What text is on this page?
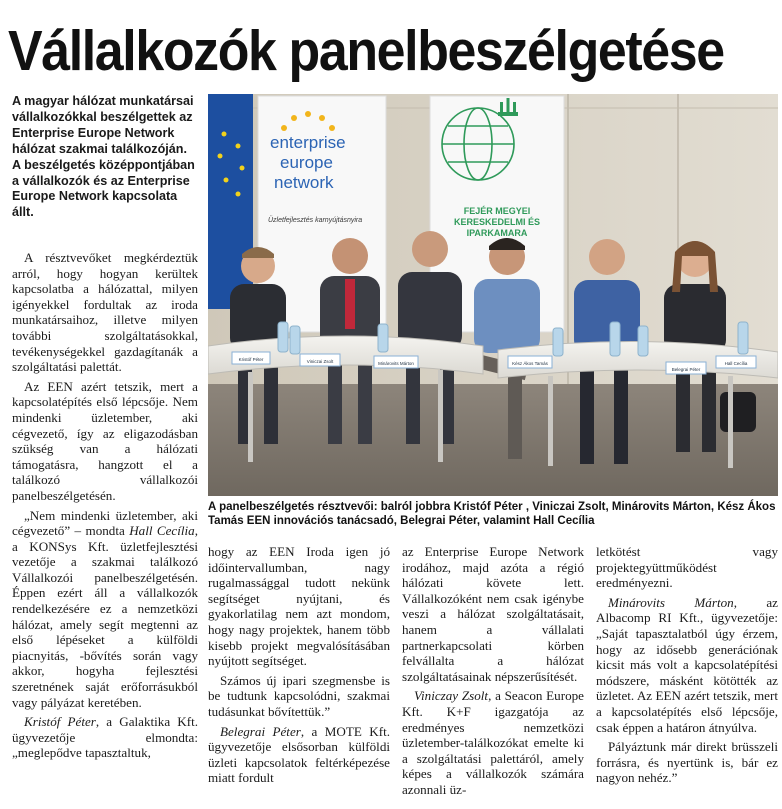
Vállalkozók panelbeszélgetése
A magyar hálózat munkatársai vállalkozókkal beszélgettek az Enterprise Europe Network hálózat szakmai találkozóján. A beszélgetés középpontjában a vállalkozók és az Enterprise Europe Network kapcsolata állt.
enterprise
europe
network
Üzletfejlesztés karnyújtásnyira
FEJÉR MEGYEI
KERESKEDELMI ÉS
IPARKAMARA
Kristóf Péter	Viniczai Zsolt	Minárovits Márton	Kész Ákos Tamás
Belegrai Péter
Hall Cecília
A panelbeszélgetés résztvevői: balról jobbra Kristóf Péter , Viniczai Zsolt, Minárovits Márton, Kész Ákos Tamás EEN innovációs tanácsadó, Belegrai Péter, valamint Hall Cecília

A résztvevőket megkérdeztük arról, hogy hogyan kerültek kapcsolatba a hálózattal, milyen igényekkel fordultak az iroda munkatársaihoz, illetve milyen további szolgáltatásokkal, tevékenységekkel gazdagítanák a szolgáltatási palettát.

Az EEN azért tetszik, mert a kapcsolatépítés első lépcsője. Nem mindenki üzletember, aki cégvezető, így az eligazodásban szükség van a hálózati támogatásra, hangzott el a találkozó vállalkozói panelbeszélgetésén.

„Nem mindenki üzletember, aki cégvezető” – mondta Hall Cecília, a KONSys Kft. üzletfejlesztési vezetője a szakmai találkozó Vállalkozói panelbeszélgetésén. Éppen ezért áll a vállalkozók rendelkezésére ez a nemzetközi hálózat, amely segít megtenni az első lépéseket a külföldi piacnyitás, -bővítés során vagy akkor, hogyha fejlesztési szeretnének saját erőforrásukból vagy pályázat keretében.

Kristóf Péter, a Galaktika Kft. ügyvezetője elmondta: „meglepődve tapasztaltuk,

hogy az EEN Iroda igen jó időintervallumban, nagy rugalmassággal tudott nekünk segítséget nyújtani, és gyakorlatilag nem azt mondom, hogy nagy projektek, hanem több kisebb projekt megvalósításában nyújtott segítséget.

Számos új ipari szegmensbe is be tudtunk kapcsolódni, szakmai tudásunkat bővítettük.”

Belegrai Péter, a MOTE Kft. ügyvezetője elsősorban külföldi üzleti kapcsolatok feltérképezése miatt fordult

az Enterprise Europe Network irodához, majd azóta a régió hálózati követe lett. Vállalkozóként nem csak igénybe veszi a hálózat szolgáltatásait, hanem a vállalati partnerkapcsolati körben felvállalta a hálózat szolgáltatásainak népszerűsítését.

Viniczay Zsolt, a Seacon Europe Kft. K+F igazgatója az eredményes nemzetközi üzletember-találkozókat emelte ki a szolgáltatási palettáról, amely képes a vállalkozók számára azonnali üz-

letkötést vagy projektegyüttműködést eredményezni.

Minárovits Márton, az Albacomp RI Kft., ügyvezetője: „Saját tapasztalatból úgy érzem, hogy az idősebb generációnak kicsit más volt a kapcsolatépítési módszere, másként kötötték az üzletet. Az EEN azért tetszik, mert a kapcsolatépítés első lépcsője, csak éppen a határon átnyúlva.

Pályáztunk már direkt brüsszeli forrásra, és nyertünk is, bár ez nagyon nehéz.”
